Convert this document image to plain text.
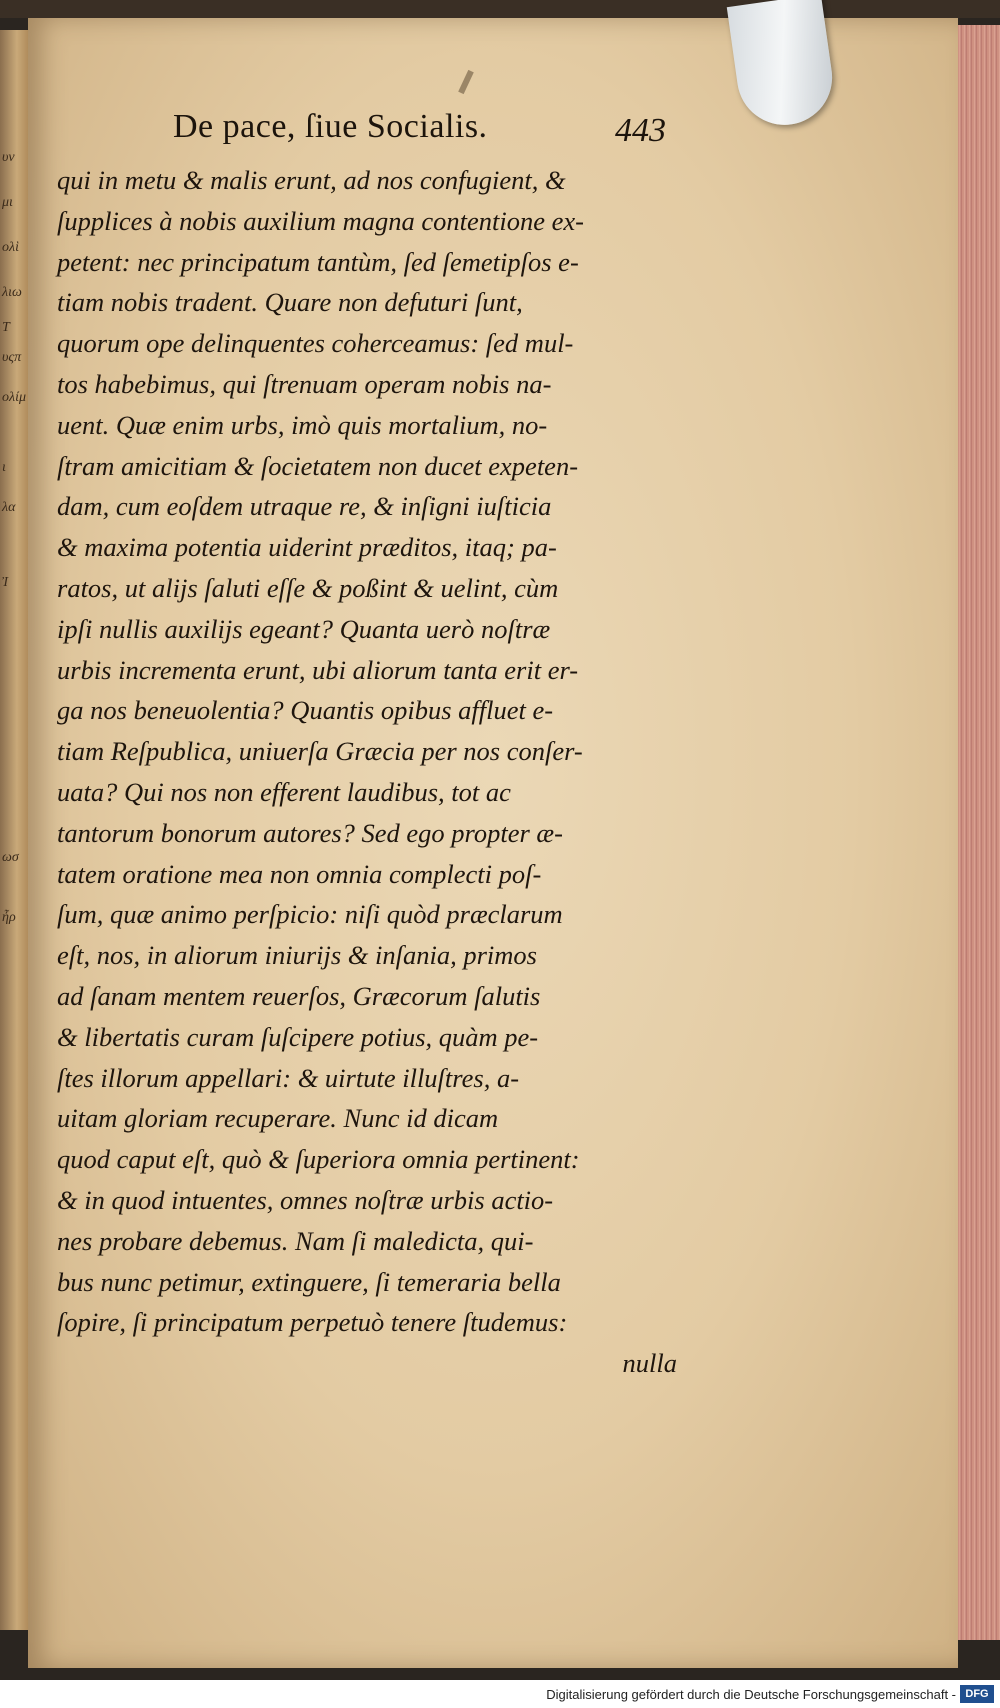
υν
μι
ολὶ
λιω
Τ
υςπ
ολίμ
ι
λα
Ἰ
ωσ
ἦρ
De pace, ſiue Socialis.	443
qui in metu & malis erunt, ad nos confugient, &
ſupplices à nobis auxilium magna contentione ex-
petent: nec principatum tantùm, ſed ſemetipſos e-
tiam nobis tradent. Quare non defuturi ſunt,
quorum ope delinquentes coherceamus: ſed mul-
tos habebimus, qui ſtrenuam operam nobis na-
uent. Quæ enim urbs, imò quis mortalium, no-
ſtram amicitiam & ſocietatem non ducet expeten-
dam, cum eoſdem utraque re, & inſigni iuſticia
& maxima potentia uiderint præditos, itaq; pa-
ratos, ut alijs ſaluti eſſe & poßint & uelint, cùm
ipſi nullis auxilijs egeant? Quanta uerò noſtræ
urbis incrementa erunt, ubi aliorum tanta erit er-
ga nos beneuolentia? Quantis opibus affluet e-
tiam Reſpublica, uniuerſa Græcia per nos conſer-
uata? Qui nos non efferent laudibus, tot ac
tantorum bonorum autores? Sed ego propter æ-
tatem oratione mea non omnia complecti poſ-
ſum, quæ animo perſpicio: niſi quòd præclarum
eſt, nos, in aliorum iniurijs & inſania, primos
ad ſanam mentem reuerſos, Græcorum ſalutis
& libertatis curam ſuſcipere potius, quàm pe-
ſtes illorum appellari: & uirtute illuſtres, a-
uitam gloriam recuperare. Nunc id dicam
quod caput eſt, quò & ſuperiora omnia pertinent:
& in quod intuentes, omnes noſtræ urbis actio-
nes probare debemus. Nam ſi maledicta, qui-
bus nunc petimur, extinguere, ſi temeraria bella
ſopire, ſi principatum perpetuò tenere ſtudemus:
nulla
Digitalisierung gefördert durch die Deutsche Forschungsgemeinschaft - DFG
